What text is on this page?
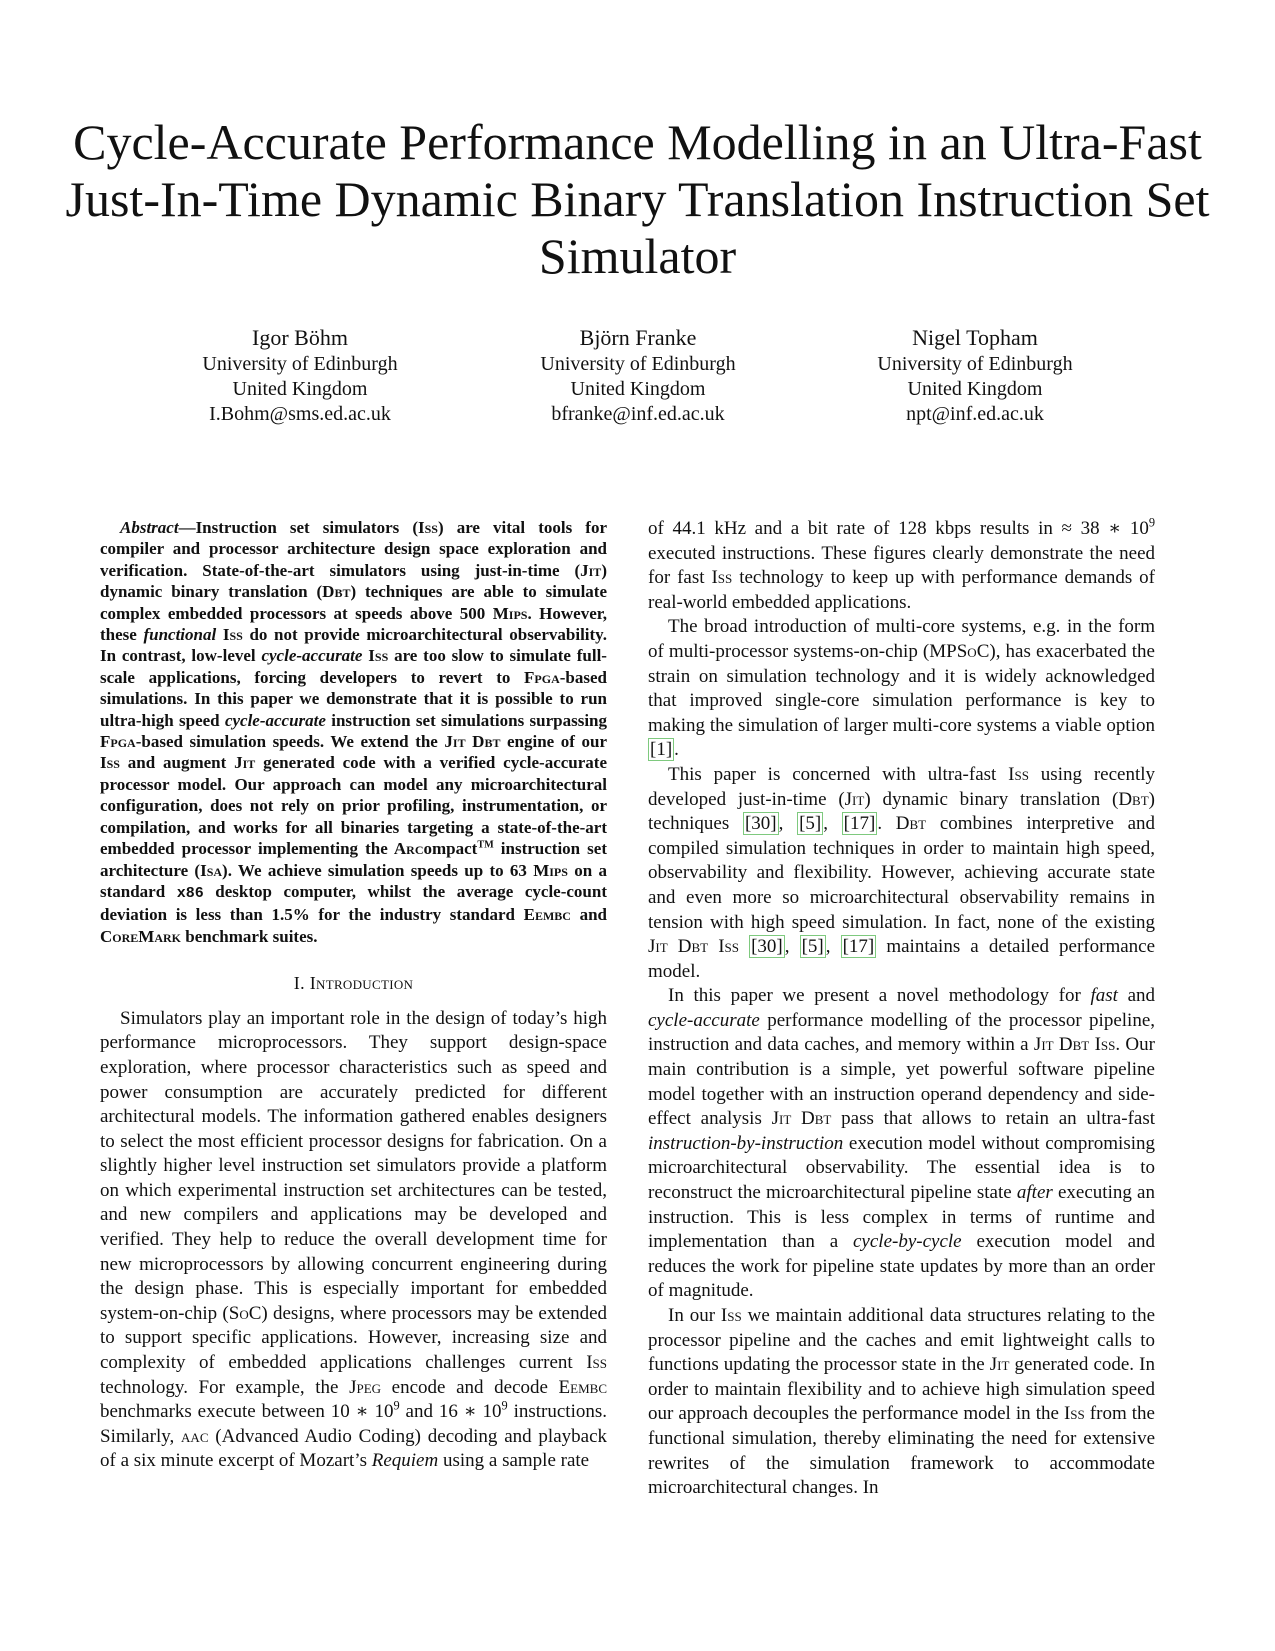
Cycle-Accurate Performance Modelling in an Ultra-Fast Just-In-Time Dynamic Binary Translation Instruction Set Simulator
Igor Böhm
University of Edinburgh
United Kingdom
I.Bohm@sms.ed.ac.uk
Björn Franke
University of Edinburgh
United Kingdom
bfranke@inf.ed.ac.uk
Nigel Topham
University of Edinburgh
United Kingdom
npt@inf.ed.ac.uk

Abstract—Instruction set simulators (Iss) are vital tools for compiler and processor architecture design space exploration and verification. State-of-the-art simulators using just-in-time (Jit) dynamic binary translation (Dbt) techniques are able to simulate complex embedded processors at speeds above 500 Mips. However, these functional Iss do not provide microarchitectural observability. In contrast, low-level cycle-accurate Iss are too slow to simulate full-scale applications, forcing developers to revert to Fpga-based simulations. In this paper we demonstrate that it is possible to run ultra-high speed cycle-accurate instruction set simulations surpassing Fpga-based simulation speeds. We extend the Jit Dbt engine of our Iss and augment Jit generated code with a verified cycle-accurate processor model. Our approach can model any microarchitectural configuration, does not rely on prior profiling, instrumentation, or compilation, and works for all binaries targeting a state-of-the-art embedded processor implementing the Arcompact™ instruction set architecture (Isa). We achieve simulation speeds up to 63 Mips on a standard x86 desktop computer, whilst the average cycle-count deviation is less than 1.5% for the industry standard Eembc and CoreMark benchmark suites.

I. Introduction

Simulators play an important role in the design of today’s high performance microprocessors. They support design-space exploration, where processor characteristics such as speed and power consumption are accurately predicted for different architectural models. The information gathered enables designers to select the most efficient processor designs for fabrication. On a slightly higher level instruction set simulators provide a platform on which experimental instruction set architectures can be tested, and new compilers and applications may be developed and verified. They help to reduce the overall development time for new microprocessors by allowing concurrent engineering during the design phase. This is especially important for embedded system-on-chip (SoC) designs, where processors may be extended to support specific applications. However, increasing size and complexity of embedded applications challenges current Iss technology. For example, the Jpeg encode and decode Eembc benchmarks execute between 10 ∗ $10^9$ and 16 ∗ $10^9$ instructions. Similarly, aac (Advanced Audio Coding) decoding and playback of a six minute excerpt of Mozart’s Requiem using a sample rate

of 44.1 kHz and a bit rate of 128 kbps results in ≈ 38 ∗ $10^9$ executed instructions. These figures clearly demonstrate the need for fast Iss technology to keep up with performance demands of real-world embedded applications.

The broad introduction of multi-core systems, e.g. in the form of multi-processor systems-on-chip (MPSoC), has exacerbated the strain on simulation technology and it is widely acknowledged that improved single-core simulation performance is key to making the simulation of larger multi-core systems a viable option [1] .

This paper is concerned with ultra-fast Iss using recently developed just-in-time (Jit) dynamic binary translation (Dbt) techniques [30] , [5] , [17] . Dbt combines interpretive and compiled simulation techniques in order to maintain high speed, observability and flexibility. However, achieving accurate state and even more so microarchitectural observability remains in tension with high speed simulation. In fact, none of the existing Jit Dbt Iss [30] , [5] , [17] maintains a detailed performance model.

In this paper we present a novel methodology for fast and cycle-accurate performance modelling of the processor pipeline, instruction and data caches, and memory within a Jit Dbt Iss. Our main contribution is a simple, yet powerful software pipeline model together with an instruction operand dependency and side-effect analysis Jit Dbt pass that allows to retain an ultra-fast instruction-by-instruction execution model without compromising microarchitectural observability. The essential idea is to reconstruct the microarchitectural pipeline state after executing an instruction. This is less complex in terms of runtime and implementation than a cycle-by-cycle execution model and reduces the work for pipeline state updates by more than an order of magnitude.

In our Iss we maintain additional data structures relating to the processor pipeline and the caches and emit lightweight calls to functions updating the processor state in the Jit generated code. In order to maintain flexibility and to achieve high simulation speed our approach decouples the performance model in the Iss from the functional simulation, thereby eliminating the need for extensive rewrites of the simulation framework to accommodate microarchitectural changes. In
